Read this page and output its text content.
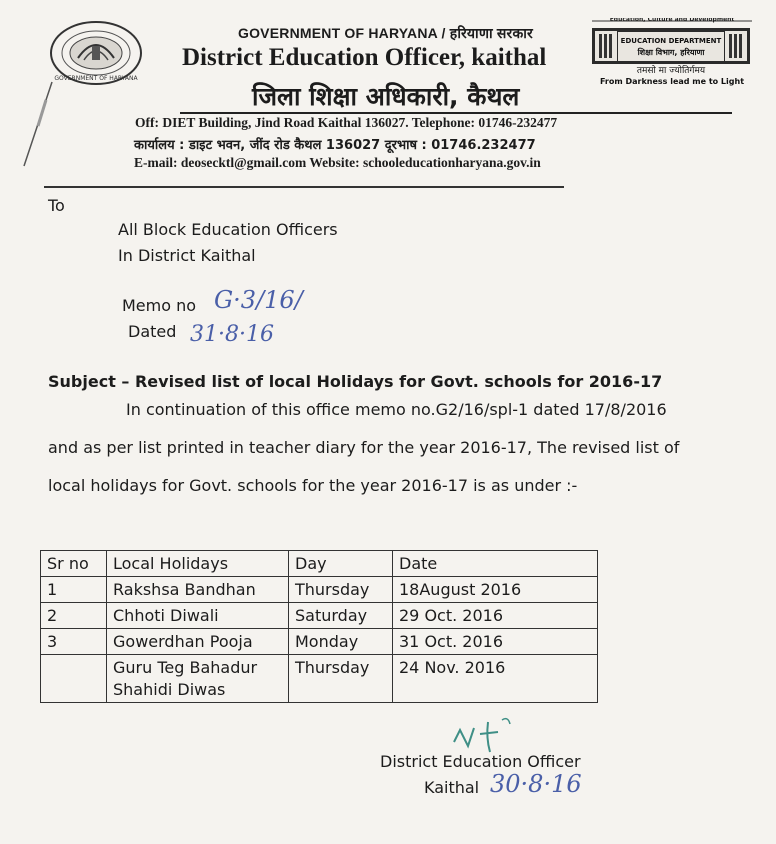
GOVERNMENT OF HARYANA
GOVERNMENT OF HARYANA / हरियाणा सरकार
District Education Officer, kaithal
जिला शिक्षा अधिकारी, कैथल
Education, Culture and Development
EDUCATION DEPARTMENT
शिक्षा विभाग, हरियाणा
तमसो मा ज्योतिर्गमय
From Darkness lead me to Light
Off: DIET Building, Jind Road Kaithal 136027. Telephone: 01746-232477
कार्यालय : डाइट भवन, जींद रोड कैथल 136027 दूरभाष : 01746.232477
E-mail: deosecktl@gmail.com Website: schooleducationharyana.gov.in
To
All Block Education Officers
In District Kaithal
Memo no G·3/16/
Dated 31·8·16
Subject – Revised list of local Holidays for Govt. schools for 2016-17
In continuation of this office memo no.G2/16/spl-1 dated 17/8/2016
and as per list printed in teacher diary for the year 2016-17, The revised list of
local holidays for Govt. schools for the year 2016-17 is as under :-
Sr no	Local Holidays	Day	Date
1	Rakshsa Bandhan	Thursday	18August 2016
2	Chhoti Diwali	Saturday	29 Oct. 2016
3	Gowerdhan Pooja	Monday	31 Oct. 2016
	Guru Teg Bahadur Shahidi Diwas	Thursday	24 Nov. 2016
District Education Officer
Kaithal 30·8·16
